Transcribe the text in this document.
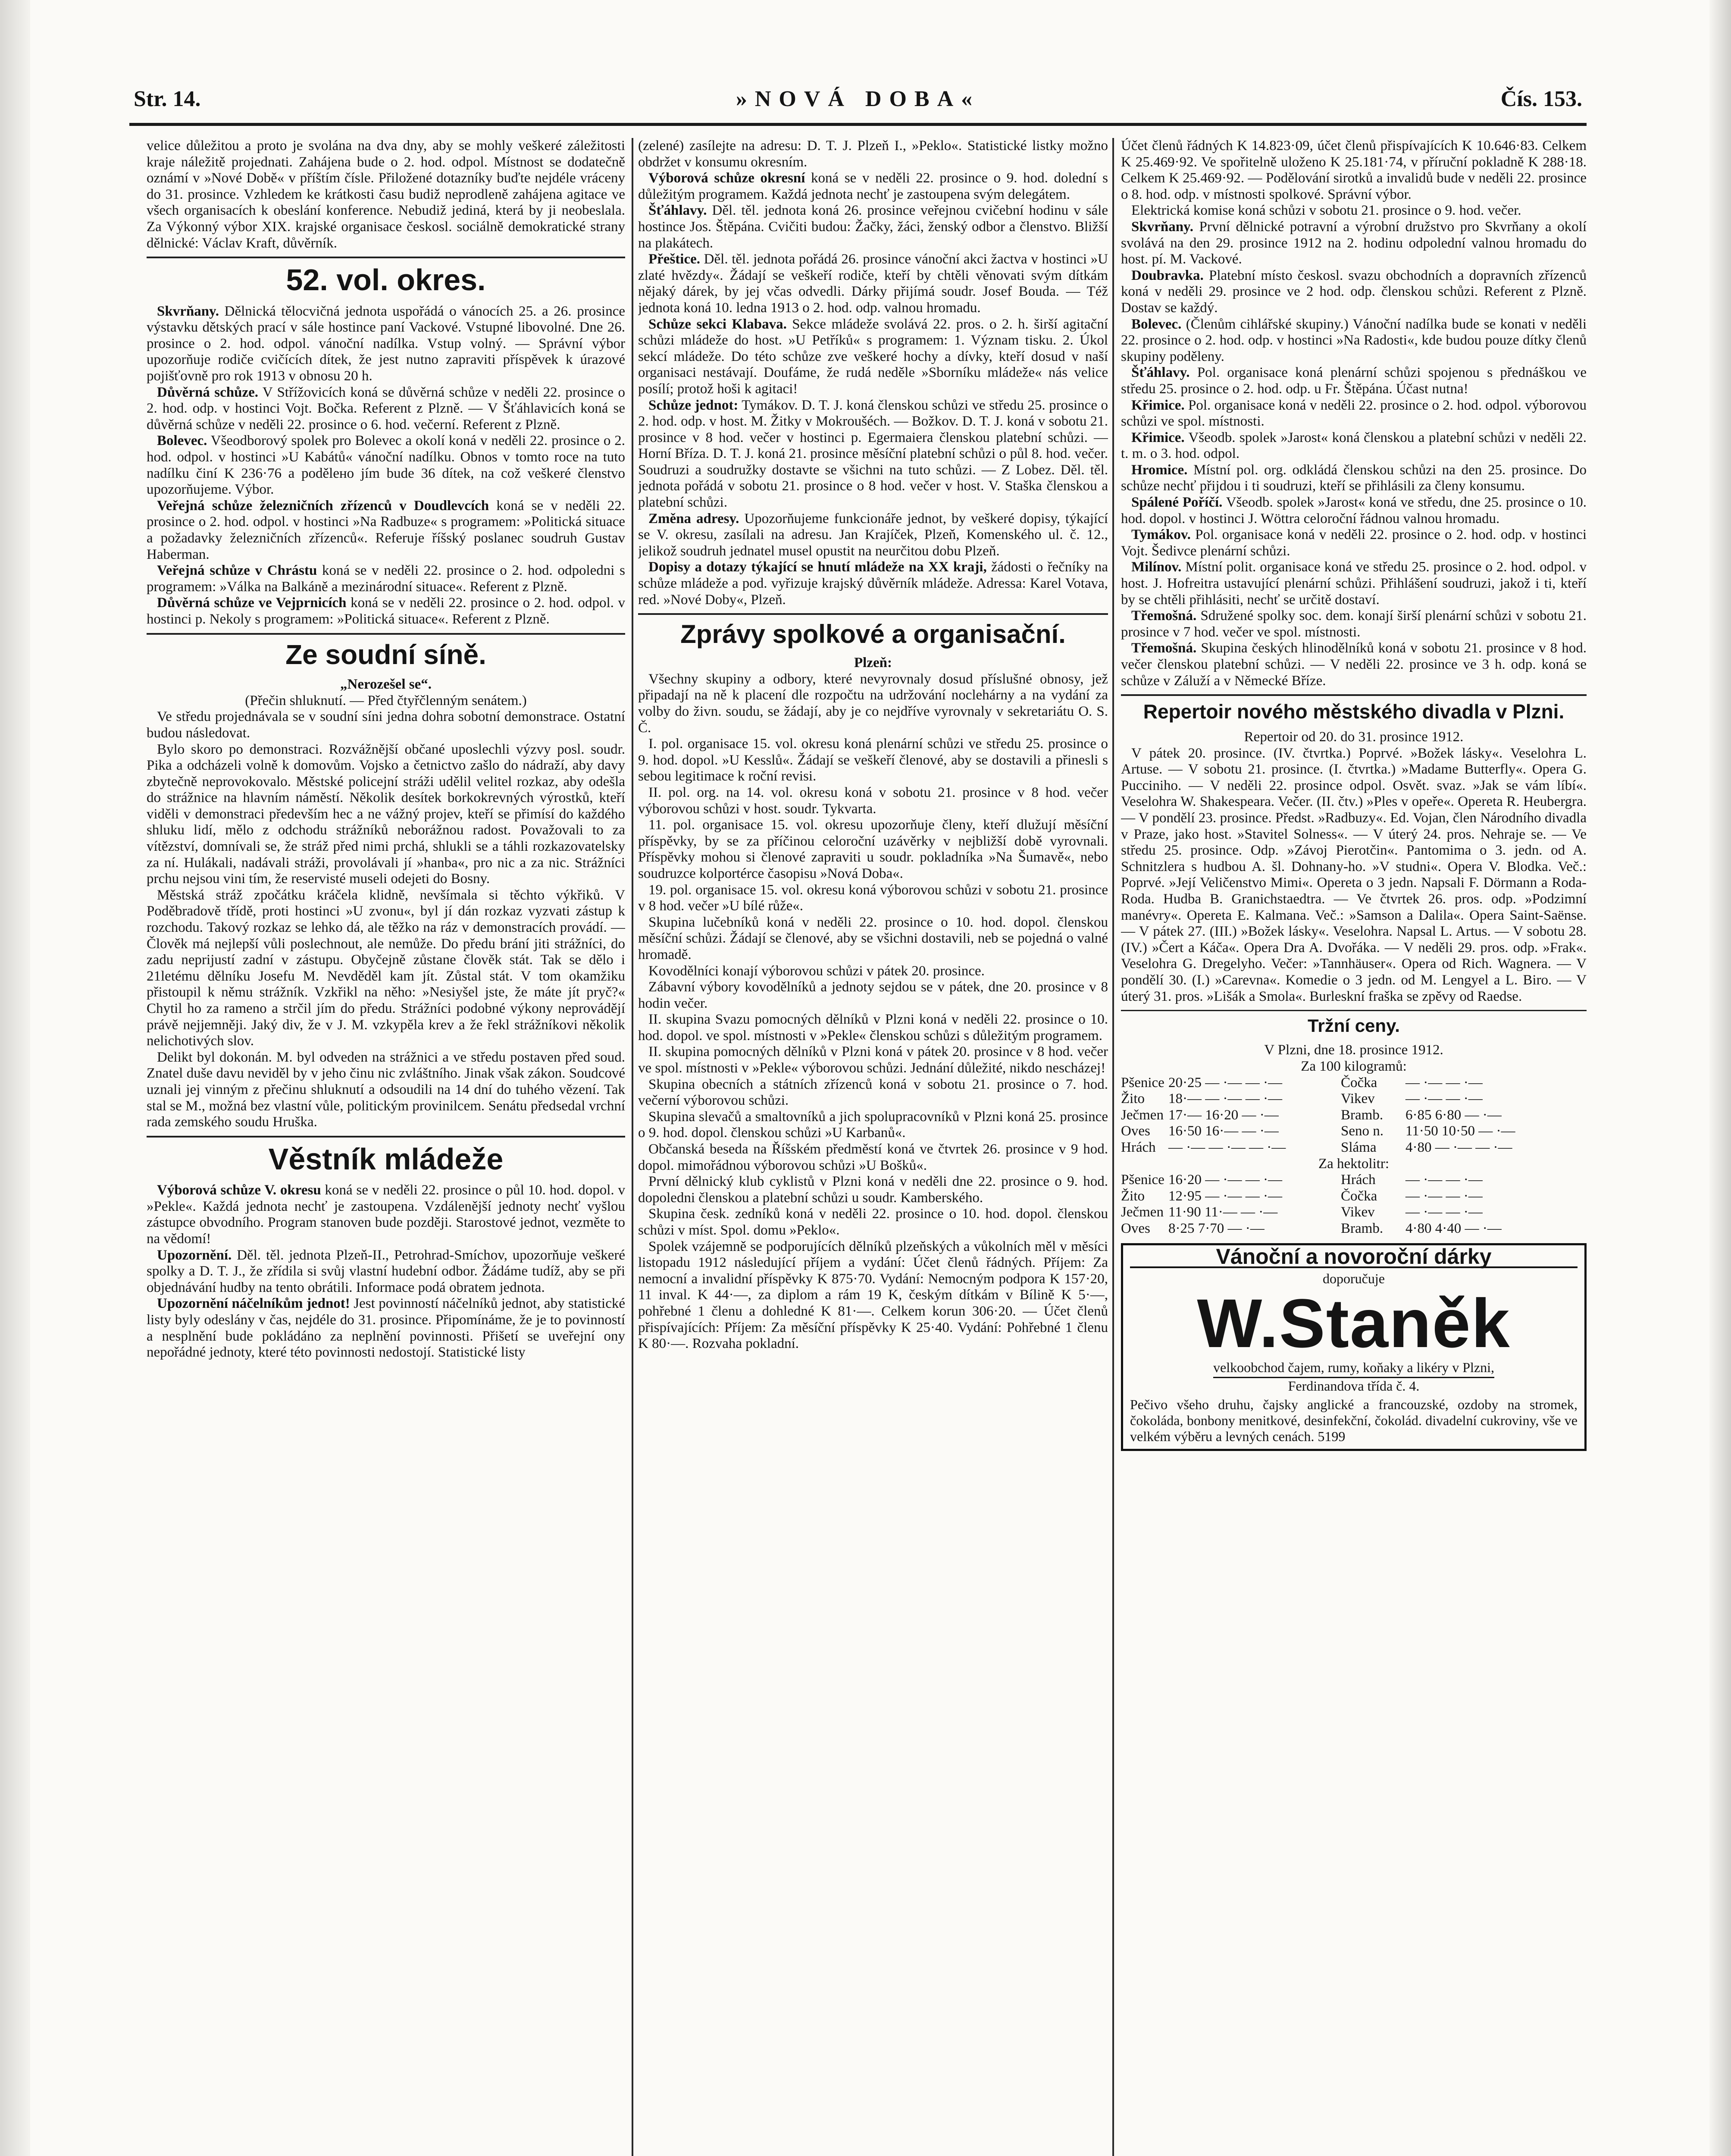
Str. 14.	»NOVÁ DOBA«	Čís. 153.

velice důležitou a proto je svolána na dva dny, aby se mohly veškeré záležitosti kraje náležitě projednati. Zahájena bude o 2. hod. odpol. Místnost se dodatečně oznámí v »Nové Době« v příštím čísle. Přiložené dotazníky buďte nejdéle vráceny do 31. prosince. Vzhledem ke krátkosti času budiž neprodleně zahájena agitace ve všech organisacích k obeslání konference. Nebudiž jediná, která by ji neobeslala. Za Výkonný výbor XIX. krajské organisace českosl. sociálně demokratické strany dělnické: Václav Kraft, důvěrník.

52. vol. okres.

Skvrňany. Dělnická tělocvičná jednota uspořádá o vánocích 25. a 26. prosince výstavku dětských prací v sále hostince paní Vackové. Vstupné libovolné. Dne 26. prosince o 2. hod. odpol. vánoční nadílka. Vstup volný. — Správní výbor upozorňuje rodiče cvičících dítek, že jest nutno zapraviti příspěvek k úrazové pojišťovně pro rok 1913 v obnosu 20 h.

Důvěrná schůze. V Střížovicích koná se důvěrná schůze v neděli 22. prosince o 2. hod. odp. v hostinci Vojt. Bočka. Referent z Plzně. — V Šťáhlavicích koná se důvěrná schůze v neděli 22. prosince o 6. hod. večerní. Referent z Plzně.

Bolevec. Všeodborový spolek pro Bolevec a okolí koná v neděli 22. prosince o 2. hod. odpol. v hostinci »U Kabátů« vánoční nadílku. Obnos v tomto roce na tuto nadílku činí K 236·76 a podělено jím bude 36 dítek, na což veškeré členstvo upozorňujeme. Výbor.

Veřejná schůze železničních zřízenců v Doudlevcích koná se v neděli 22. prosince o 2. hod. odpol. v hostinci »Na Radbuze« s programem: »Politická situace a požadavky železničních zřízenců«. Referuje říšský poslanec soudruh Gustav Haberman.

Veřejná schůze v Chrástu koná se v neděli 22. prosince o 2. hod. odpoledni s programem: »Válka na Balkáně a mezinárodní situace«. Referent z Plzně.

Důvěrná schůze ve Vejprnicích koná se v neděli 22. prosince o 2. hod. odpol. v hostinci p. Nekoly s programem: »Politická situace«. Referent z Plzně.

Ze soudní síně.

„Nerozešel se“.

(Přečin shluknutí. — Před čtyřčlenným senátem.)

Ve středu projednávala se v soudní síni jedna dohra sobotní demonstrace. Ostatní budou následovat.

Bylo skoro po demonstraci. Rozvážnější občané uposlechli výzvy posl. soudr. Pika a odcházeli volně k domovům. Vojsko a četnictvo zašlo do nádraží, aby davy zbytečně neprovokovalo. Městské policejní stráži udělil velitel rozkaz, aby odešla do strážnice na hlavním náměstí. Několik desítek borkokrevných výrostků, kteří viděli v demonstraci především hec a ne vážný projev, kteří se přimísí do každého shluku lidí, mělo z odchodu strážníků neborážnou radost. Považovali to za vítězství, domnívali se, že stráž před nimi prchá, shlukli se a táhli rozkazovatelsky za ní. Hulákali, nadávali stráži, provolávali jí »hanba«, pro nic a za nic. Strážníci prchu nejsou vini tím, že reservisté museli odejeti do Bosny.

Městská stráž zpočátku kráčela klidně, nevšímala si těchto výkřiků. V Poděbradově třídě, proti hostinci »U zvonu«, byl jí dán rozkaz vyzvati zástup k rozchodu. Takový rozkaz se lehko dá, ale těžko na ráz v demonstracích provádí. — Člověk má nejlepší vůli poslechnout, ale nemůže. Do předu brání jiti strážníci, do zadu neprijustí zadní v zástupu. Obyčejně zůstane člověk stát. Tak se dělo i 21letému dělníku Josefu M. Nevděděl kam jít. Zůstal stát. V tom okamžiku přistoupil k němu strážník. Vzkřikl na něho: »Nesiyšel jste, že máte jít pryč?« Chytil ho za rameno a strčil jím do předu. Strážníci podobné výkony neprovádějí právě nejjemněji. Jaký div, že v J. M. vzkypěla krev a že řekl strážníkovi několik nelichotivých slov.

Delikt byl dokonán. M. byl odveden na strážnici a ve středu postaven před soud. Znatel duše davu neviděl by v jeho činu nic zvláštního. Jinak však zákon. Soudcové uznali jej vinným z přečinu shluknutí a odsoudili na 14 dní do tuhého vězení. Tak stal se M., možná bez vlastní vůle, politickým provinilcem. Senátu předsedal vrchní rada zemského soudu Hruška.

Věstník mládeže

Výborová schůze V. okresu koná se v neděli 22. prosince o půl 10. hod. dopol. v »Pekle«. Každá jednota nechť je zastoupena. Vzdálenější jednoty nechť vyšlou zástupce obvodního. Program stanoven bude později. Starostové jednot, vezměte to na vědomí!

Upozornění. Děl. těl. jednota Plzeň-II., Petrohrad-Smíchov, upozorňuje veškeré spolky a D. T. J., že zřídila si svůj vlastní hudební odbor. Žádáme tudíž, aby se při objednávání hudby na tento obrátili. Informace podá obratem jednota.

Upozornění náčelníkům jednot! Jest povinností náčelníků jednot, aby statistické listy byly odeslány v čas, nejdéle do 31. prosince. Připomínáme, že je to povinností a nesplnění bude pokládáno za neplnění povinnosti. Přišetí se uveřejní ony nepořádné jednoty, které této povinnosti nedostojí. Statistické listy

(zelené) zasílejte na adresu: D. T. J. Plzeň I., »Peklo«. Statistické listky možno obdržet v konsumu okresním.

Výborová schůze okresní koná se v neděli 22. prosince o 9. hod. dolední s důležitým programem. Každá jednota nechť je zastoupena svým delegátem.

Šťáhlavy. Děl. těl. jednota koná 26. prosince veřejnou cvičební hodinu v sále hostince Jos. Štěpána. Cvičiti budou: Žačky, žáci, ženský odbor a členstvo. Bližší na plakátech.

Přeštice. Děl. těl. jednota pořádá 26. prosince vánoční akci žactva v hostinci »U zlaté hvězdy«. Žádají se veškeří rodiče, kteří by chtěli věnovati svým dítkám nějaký dárek, by jej včas odvedli. Dárky přijímá soudr. Josef Bouda. — Též jednota koná 10. ledna 1913 o 2. hod. odp. valnou hromadu.

Schůze sekci Klabava. Sekce mládeže svolává 22. pros. o 2. h. širší agitační schůzi mládeže do host. »U Petříků« s programem: 1. Význam tisku. 2. Úkol sekcí mládeže. Do této schůze zve veškeré hochy a dívky, kteří dosud v naší organisaci nestávají. Doufáme, že rudá neděle »Sborníku mládeže« nás velice posílí; protož hoši k agitaci!

Schůze jednot: Tymákov. D. T. J. koná členskou schůzi ve středu 25. prosince o 2. hod. odp. v host. M. Žitky v Mokroušéch. — Božkov. D. T. J. koná v sobotu 21. prosince v 8 hod. večer v hostinci p. Egermaiera členskou platební schůzi. — Horní Bříza. D. T. J. koná 21. prosince měsíční platební schůzi o půl 8. hod. večer. Soudruzi a soudružky dostavte se všichni na tuto schůzi. — Z Lobez. Děl. těl. jednota pořádá v sobotu 21. prosince o 8 hod. večer v host. V. Staška členskou a platební schůzi.

Změna adresy. Upozorňujeme funkcionáře jednot, by veškeré dopisy, týkající se V. okresu, zasílali na adresu. Jan Krajíček, Plzeň, Komenského ul. č. 12., jelikož soudruh jednatel musel opustit na neurčitou dobu Plzeň.

Dopisy a dotazy týkající se hnutí mládeže na XX kraji, žádosti o řečníky na schůze mládeže a pod. vyřizuje krajský důvěrník mládeže. Adressa: Karel Votava, red. »Nové Doby«, Plzeň.

Zprávy spolkové a organisační.

Plzeň:

Všechny skupiny a odbory, které nevyrovnaly dosud příslušné obnosy, jež připadají na ně k placení dle rozpočtu na udržování noclehárny a na vydání za volby do živn. soudu, se žádají, aby je co nejdříve vyrovnaly v sekretariátu O. S. Č.

I. pol. organisace 15. vol. okresu koná plenární schůzi ve středu 25. prosince o 9. hod. dopol. »U Kesslů«. Žádají se veškeří členové, aby se dostavili a přinesli s sebou legitimace k roční revisi.

II. pol. org. na 14. vol. okresu koná v sobotu 21. prosince v 8 hod. večer výborovou schůzi v host. soudr. Tykvarta.

11. pol. organisace 15. vol. okresu upozorňuje členy, kteří dlužují měsíční příspěvky, by se za příčinou celoroční uzávěrky v nejbližší době vyrovnali. Příspěvky mohou si členové zapraviti u soudr. pokladníka »Na Šumavě«, nebo soudruzce kolportérce časopisu »Nová Doba«.

19. pol. organisace 15. vol. okresu koná výborovou schůzi v sobotu 21. prosince v 8 hod. večer »U bílé růže«.

Skupina lučebníků koná v neděli 22. prosince o 10. hod. dopol. členskou měsíční schůzi. Žádají se členové, aby se všichni dostavili, neb se pojedná o valné hromadě.

Kovodělníci konají výborovou schůzi v pátek 20. prosince.

Zábavní výbory kovodělníků a jednoty sejdou se v pátek, dne 20. prosince v 8 hodin večer.

II. skupina Svazu pomocných dělníků v Plzni koná v neděli 22. prosince o 10. hod. dopol. ve spol. místnosti v »Pekle« členskou schůzi s důležitým programem.

II. skupina pomocných dělníků v Plzni koná v pátek 20. prosince v 8 hod. večer ve spol. místnosti v »Pekle« výborovou schůzi. Jednání důležité, nikdo nescházej!

Skupina obecních a státních zřízenců koná v sobotu 21. prosince o 7. hod. večerní výborovou schůzi.

Skupina slevačů a smaltovníků a jich spolupracovníků v Plzni koná 25. prosince o 9. hod. dopol. členskou schůzi »U Karbanů«.

Občanská beseda na Říšském předměstí koná ve čtvrtek 26. prosince v 9 hod. dopol. mimořádnou výborovou schůzi »U Bošků«.

První dělnický klub cyklistů v Plzni koná v neděli dne 22. prosince o 9. hod. dopoledni členskou a platební schůzi u soudr. Kamberského.

Skupina česk. zedníků koná v neděli 22. prosince o 10. hod. dopol. členskou schůzi v míst. Spol. domu »Peklo«.

Spolek vzájemně se podporujících dělníků plzeňských a vůkolních měl v měsíci listopadu 1912 následující příjem a vydání: Účet členů řádných. Příjem: Za nemocní a invalidní příspěvky K 875·70. Vydání: Nemocným podpora K 157·20, 11 inval. K 44·—, za diplom a rám 19 K, českým dítkám v Bílině K 5·—, pohřebné 1 členu a dohledné K 81·—. Celkem korun 306·20. — Účet členů přispívajících: Příjem: Za měsíční příspěvky K 25·40. Vydání: Pohřebné 1 členu K 80·—. Rozvaha pokladní.

Účet členů řádných K 14.823·09, účet členů přispívajících K 10.646·83. Celkem K 25.469·92. Ve spořitelně uloženo K 25.181·74, v příruční pokladně K 288·18. Celkem K 25.469·92. — Podělování sirotků a invalidů bude v neděli 22. prosince o 8. hod. odp. v místnosti spolkové. Správní výbor.

Elektrická komise koná schůzi v sobotu 21. prosince o 9. hod. večer.

Skvrňany. První dělnické potravní a výrobní družstvo pro Skvrňany a okolí svolává na den 29. prosince 1912 na 2. hodinu odpolední valnou hromadu do host. pí. M. Vackové.

Doubravka. Platební místo českosl. svazu obchodních a dopravních zřízenců koná v neděli 29. prosince ve 2 hod. odp. členskou schůzi. Referent z Plzně. Dostav se každý.

Bolevec. (Členům cihlářské skupiny.) Vánoční nadílka bude se konati v neděli 22. prosince o 2. hod. odp. v hostinci »Na Radosti«, kde budou pouze dítky členů skupiny poděleny.

Šťáhlavy. Pol. organisace koná plenární schůzi spojenou s přednáškou ve středu 25. prosince o 2. hod. odp. u Fr. Štěpána. Účast nutna!

Křimice. Pol. organisace koná v neděli 22. prosince o 2. hod. odpol. výborovou schůzi ve spol. místnosti.

Křimice. Všeodb. spolek »Jarost« koná členskou a platební schůzi v neděli 22. t. m. o 3. hod. odpol.

Hromice. Místní pol. org. odkládá členskou schůzi na den 25. prosince. Do schůze nechť přijdou i ti soudruzi, kteří se přihlásili za členy konsumu.

Spálené Poříčí. Všeodb. spolek »Jarost« koná ve středu, dne 25. prosince o 10. hod. dopol. v hostinci J. Wöttra celoroční řádnou valnou hromadu.

Tymákov. Pol. organisace koná v neděli 22. prosince o 2. hod. odp. v hostinci Vojt. Šedivce plenární schůzi.

Milínov. Místní polit. organisace koná ve středu 25. prosince o 2. hod. odpol. v host. J. Hofreitra ustavující plenární schůzi. Přihlášení soudruzi, jakož i ti, kteří by se chtěli přihlásiti, nechť se určitě dostaví.

Třemošná. Sdružené spolky soc. dem. konají širší plenární schůzi v sobotu 21. prosince v 7 hod. večer ve spol. místnosti.

Třemošná. Skupina českých hlinodělníků koná v sobotu 21. prosince v 8 hod. večer členskou platební schůzi. — V neděli 22. prosince ve 3 h. odp. koná se schůze v Záluží a v Německé Bříze.

Repertoir nového městského divadla v Plzni.

Repertoir od 20. do 31. prosince 1912.

V pátek 20. prosince. (IV. čtvrtka.) Poprvé. »Božek lásky«. Veselohra L. Artuse. — V sobotu 21. prosince. (I. čtvrtka.) »Madame Butterfly«. Opera G. Pucciniho. — V neděli 22. prosince odpol. Osvět. svaz. »Jak se vám líbí«. Veselohra W. Shakespeara. Večer. (II. čtv.) »Ples v opeře«. Opereta R. Heubergra. — V pondělí 23. prosince. Předst. »Radbuzy«. Ed. Vojan, člen Národního divadla v Praze, jako host. »Stavitel Solness«. — V úterý 24. pros. Nehraje se. — Ve středu 25. prosince. Odp. »Závoj Pierotčin«. Pantomima o 3. jedn. od A. Schnitzlera s hudbou A. šl. Dohnany-ho. »V studni«. Opera V. Blodka. Več.: Poprvé. »Její Veličenstvo Mimi«. Opereta o 3 jedn. Napsali F. Dörmann a Roda-Roda. Hudba B. Granichstaedtra. — Ve čtvrtek 26. pros. odp. »Podzimní manévry«. Opereta E. Kalmana. Več.: »Samson a Dalila«. Opera Saint-Saënse. — V pátek 27. (III.) »Božek lásky«. Veselohra. Napsal L. Artus. — V sobotu 28. (IV.) »Čert a Káča«. Opera Dra A. Dvořáka. — V neděli 29. pros. odp. »Frak«. Veselohra G. Dregelyho. Večer: »Tannhäuser«. Opera od Rich. Wagnera. — V pondělí 30. (I.) »Carevna«. Komedie o 3 jedn. od M. Lengyel a L. Biro. — V úterý 31. pros. »Lišák a Smola«. Burleskní fraška se zpěvy od Raedse.

Tržní ceny.

V Plzni, dne 18. prosince 1912.

Za 100 kilogramů:

Pšenice 20·25 — ·— — ·—	Čočka	— ·— — ·—
Žito	18·— — ·— — ·—	Vikev	— ·— — ·—
Ječmen 17·— 16·20 — ·—	Bramb.	6·85 6·80 — ·—
Oves	16·50 16·— — ·—	Seno n.	11·50 10·50 — ·—
Hrách — ·— — ·— — ·—	Sláma	4·80 — ·— — ·—

Za hektolitr:

Pšenice 16·20 — ·— — ·—	Hrách	— ·— — ·—
Žito	12·95 — ·— — ·—	Čočka	— ·— — ·—
Ječmen 11·90 11·— — ·—	Vikev	— ·— — ·—
Oves	8·25 7·70 — ·—	Bramb.	4·80 4·40 — ·—
Vánoční a novoroční dárky
doporučuje
W.Staněk
velkoobchod čajem, rumy, koňaky a likéry v Plzni,
Ferdinandova třída č. 4.
Pečivo všeho druhu, čajsky anglické a francouzské, ozdoby na stromek, čokoláda, bonbony menitkové, desinfekční, čokolád. divadelní cukroviny, vše ve velkém výběru a levných cenách. 5199
